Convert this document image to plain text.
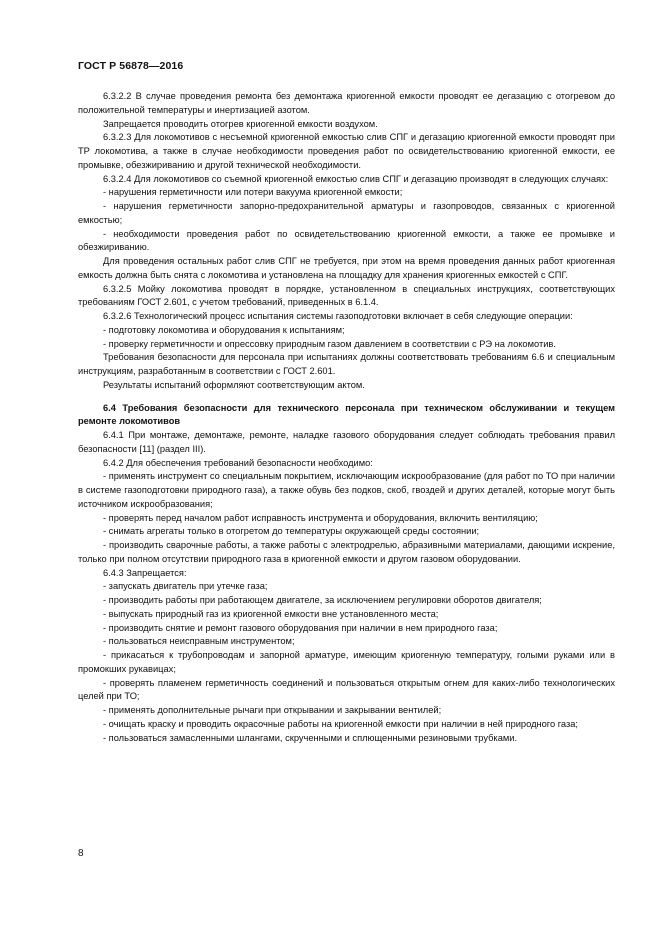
ГОСТ Р 56878—2016

6.3.2.2 В случае проведения ремонта без демонтажа криогенной емкости проводят ее дегазацию с отогревом до положительной температуры и инертизацией азотом.

Запрещается проводить отогрев криогенной емкости воздухом.

6.3.2.3 Для локомотивов с несъемной криогенной емкостью слив СПГ и дегазацию криогенной емкости проводят при ТР локомотива, а также в случае необходимости проведения работ по освидетельствованию криогенной емкости, ее промывке, обезжириванию и другой технической необходимости.

6.3.2.4 Для локомотивов со съемной криогенной емкостью слив СПГ и дегазацию производят в следующих случаях:

- нарушения герметичности или потери вакуума криогенной емкости;

- нарушения герметичности запорно-предохранительной арматуры и газопроводов, связанных с криогенной емкостью;

- необходимости проведения работ по освидетельствованию криогенной емкости, а также ее промывке и обезжириванию.

Для проведения остальных работ слив СПГ не требуется, при этом на время проведения данных работ криогенная емкость должна быть снята с локомотива и установлена на площадку для хранения криогенных емкостей с СПГ.

6.3.2.5 Мойку локомотива проводят в порядке, установленном в специальных инструкциях, соответствующих требованиям ГОСТ 2.601, с учетом требований, приведенных в 6.1.4.

6.3.2.6 Технологический процесс испытания системы газоподготовки включает в себя следующие операции:

- подготовку локомотива и оборудования к испытаниям;

- проверку герметичности и опрессовку природным газом давлением в соответствии с РЭ на локомотив.

Требования безопасности для персонала при испытаниях должны соответствовать требованиям 6.6 и специальным инструкциям, разработанным в соответствии с ГОСТ 2.601.

Результаты испытаний оформляют соответствующим актом.

6.4 Требования безопасности для технического персонала при техническом обслуживании и текущем ремонте локомотивов

6.4.1 При монтаже, демонтаже, ремонте, наладке газового оборудования следует соблюдать требования правил безопасности [11] (раздел III).

6.4.2 Для обеспечения требований безопасности необходимо:

- применять инструмент со специальным покрытием, исключающим искрообразование (для работ по ТО при наличии в системе газоподготовки природного газа), а также обувь без подков, скоб, гвоздей и других деталей, которые могут быть источником искрообразования;

- проверять перед началом работ исправность инструмента и оборудования, включить вентиляцию;

- снимать агрегаты только в отогретом до температуры окружающей среды состоянии;

- производить сварочные работы, а также работы с электродрелью, абразивными материалами, дающими искрение, только при полном отсутствии природного газа в криогенной емкости и другом газовом оборудовании.

6.4.3 Запрещается:

- запускать двигатель при утечке газа;

- производить работы при работающем двигателе, за исключением регулировки оборотов двигателя;

- выпускать природный газ из криогенной емкости вне установленного места;

- производить снятие и ремонт газового оборудования при наличии в нем природного газа;

- пользоваться неисправным инструментом;

- прикасаться к трубопроводам и запорной арматуре, имеющим криогенную температуру, голыми руками или в промокших рукавицах;

- проверять пламенем герметичность соединений и пользоваться открытым огнем для каких-либо технологических целей при ТО;

- применять дополнительные рычаги при открывании и закрывании вентилей;

- очищать краску и проводить окрасочные работы на криогенной емкости при наличии в ней природного газа;

- пользоваться замасленными шлангами, скрученными и сплющенными резиновыми трубками.

8
